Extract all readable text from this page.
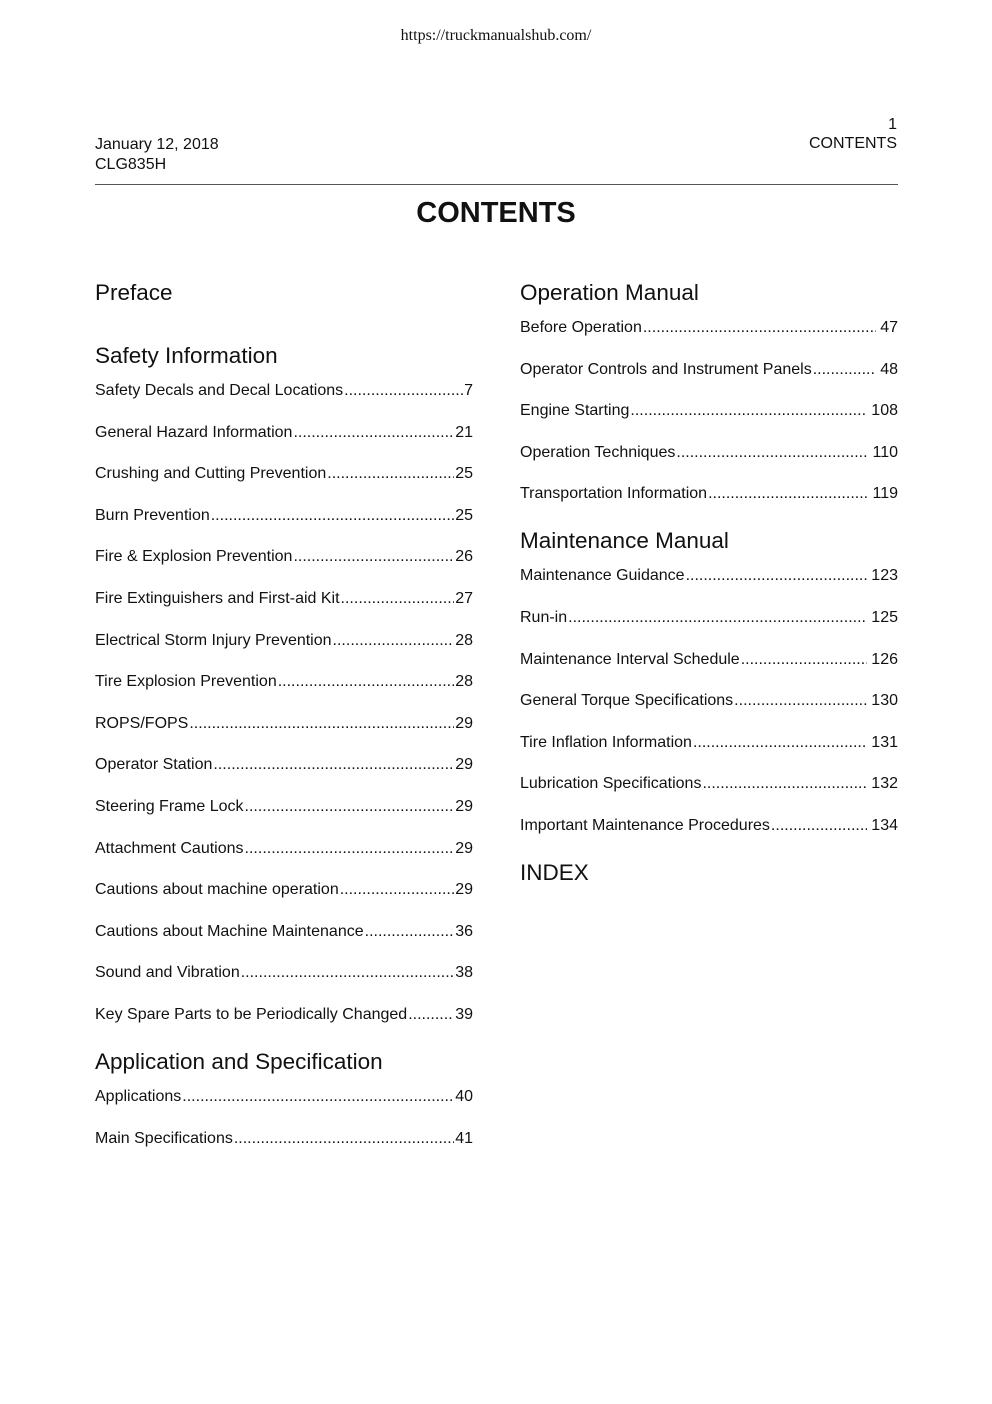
https://truckmanualshub.com/
January 12, 2018
CLG835H
1
CONTENTS
CONTENTS
Preface
Safety Information
Safety Decals and Decal Locations .....	7
General Hazard Information .....	21
Crushing and Cutting Prevention .....	25
Burn Prevention .....	25
Fire & Explosion Prevention .....	26
Fire Extinguishers and First-aid Kit .....	27
Electrical Storm Injury Prevention .....	28
Tire Explosion Prevention .....	28
ROPS/FOPS .....	29
Operator Station .....	29
Steering Frame Lock .....	29
Attachment Cautions .....	29
Cautions about machine operation .....	29
Cautions about Machine Maintenance .....	36
Sound and Vibration .....	38
Key Spare Parts to be Periodically Changed .....	39
Application and Specification
Applications .....	40
Main Specifications .....	41
Operation Manual
Before Operation .....	47
Operator Controls and Instrument Panels .....	48
Engine Starting .....	108
Operation Techniques .....	110
Transportation Information .....	119
Maintenance Manual
Maintenance Guidance .....	123
Run-in .....	125
Maintenance Interval Schedule .....	126
General Torque Specifications .....	130
Tire Inflation Information .....	131
Lubrication Specifications .....	132
Important Maintenance Procedures .....	134
INDEX
